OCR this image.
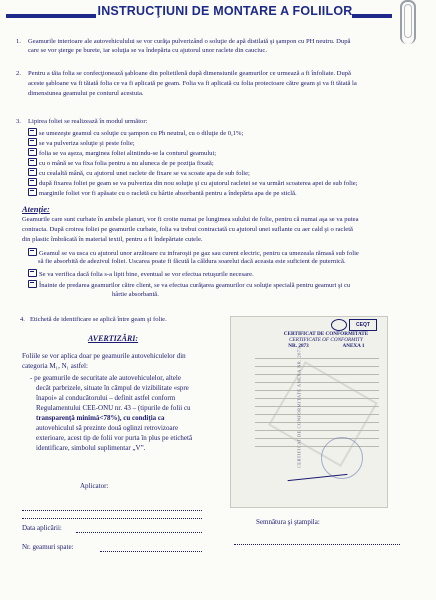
INSTRUCŢIUNI DE MONTARE A FOLIILOR
1. Geamurile interioare ale autovehiculului se vor curăţa pulverizând o soluţie de apă distilată şi şampon cu PH neutru. După
care se vor şterge pe burete, iar soluţia se va îndepărta cu ajutorul unor raclete din cauciuc.
2. Pentru a tăia folia se confecţionează şabloane din polietilenă după dimensiunile geamurilor ce urmează a fi înfoliate. După
aceste şabloane va fi tăiată folia ce va fi aplicată pe geam. Folia va fi aplicată cu folia protectoare către geam şi va fi tăiată la
dimensiunea geamului pe conturul acestuia.
3. Lipirea foliei se realizează în modul următor:
se umezeşte geamul cu soluţie cu şampon cu Ph neutral, cu o diluţie de 0,1%;
se va pulveriza soluţie şi peste folie;
folia se va aşeza, marginea foliei aliniindu-se la conturul geamului;
cu o mână se va fixa folia pentru a nu aluneca de pe poziţia fixată;
cu cealaltă mână, cu ajutorul unei raclete de fixare se va scoate apa de sub folie;
după fixarea foliei pe geam se va pulveriza din nou soluţie şi cu ajutorul racletei se va urmări scoaterea apei de sub folie;
marginile foliei vor fi apăsate cu o racletă cu hârtie absorbantă pentru a îndepărta apa de pe sticlă.
Atenţie:
Geamurile care sunt curbate în ambele planuri, vor fi croite numai pe lungimea sulului de folie, pentru că numai aşa se va putea
contracta. După croirea foliei pe geamurile curbate, folia va trebui contractată cu ajutorul unei suflante cu aer cald şi o racletă
din plastic îmbrăcată în material textil, pentru a fi îndepărtate cutele.
Geamul se va usca cu ajutorul unor arzătoare cu infraroşii pe gaz sau curent electric, pentru ca umezeala rămasă sub folie
să fie absorbită de adezivul foliei. Uscarea poate fi făcută la căldura soarelui dacă aceasta este suficient de puternică.
Se va verifica dacă folia s-a lipit bine, eventual se vor efectua retuşurile necesare.
Înainte de predarea geamurilor către client, se va efectua curăţarea geamurilor cu soluţie specială pentru geamuri şi cu
hârtie absorbantă.
4. Etichetă de identificare se aplică între geam şi folie.
AVERTIZĂRI:
Foliile se vor aplica doar pe geamurile autovehiculelor din
categoria M₁, N₁ astfel:
- pe geamurile de securitate ale autovehiculelor, altele
decât parbrizele, situate în câmpul de vizibilitate «spre
înapoi» al conducătorului – definit astfel conform
Regulamentului CEE-ONU nr. 43 – (tipurile de folii cu
transparenţă minimă<78%), cu condiţia ca
autovehiculul să prezinte două oglinzi retrovizoare
exterioare, acest tip de folii vor purta în plus pe etichetă
identificare, simbolul suplimentar „V”.
CEQT
CERTIFICAT DE CONFORMITATE
CERTIFICATE OF CONFORMITY
NR. 2873	ANEXA 1
CERTIFICAT DE CONFORMITATE ANEXA NR. 2873
Aplicator:
Data aplicării:
Nr. geamuri spate:
Semnătura şi ştampila:
